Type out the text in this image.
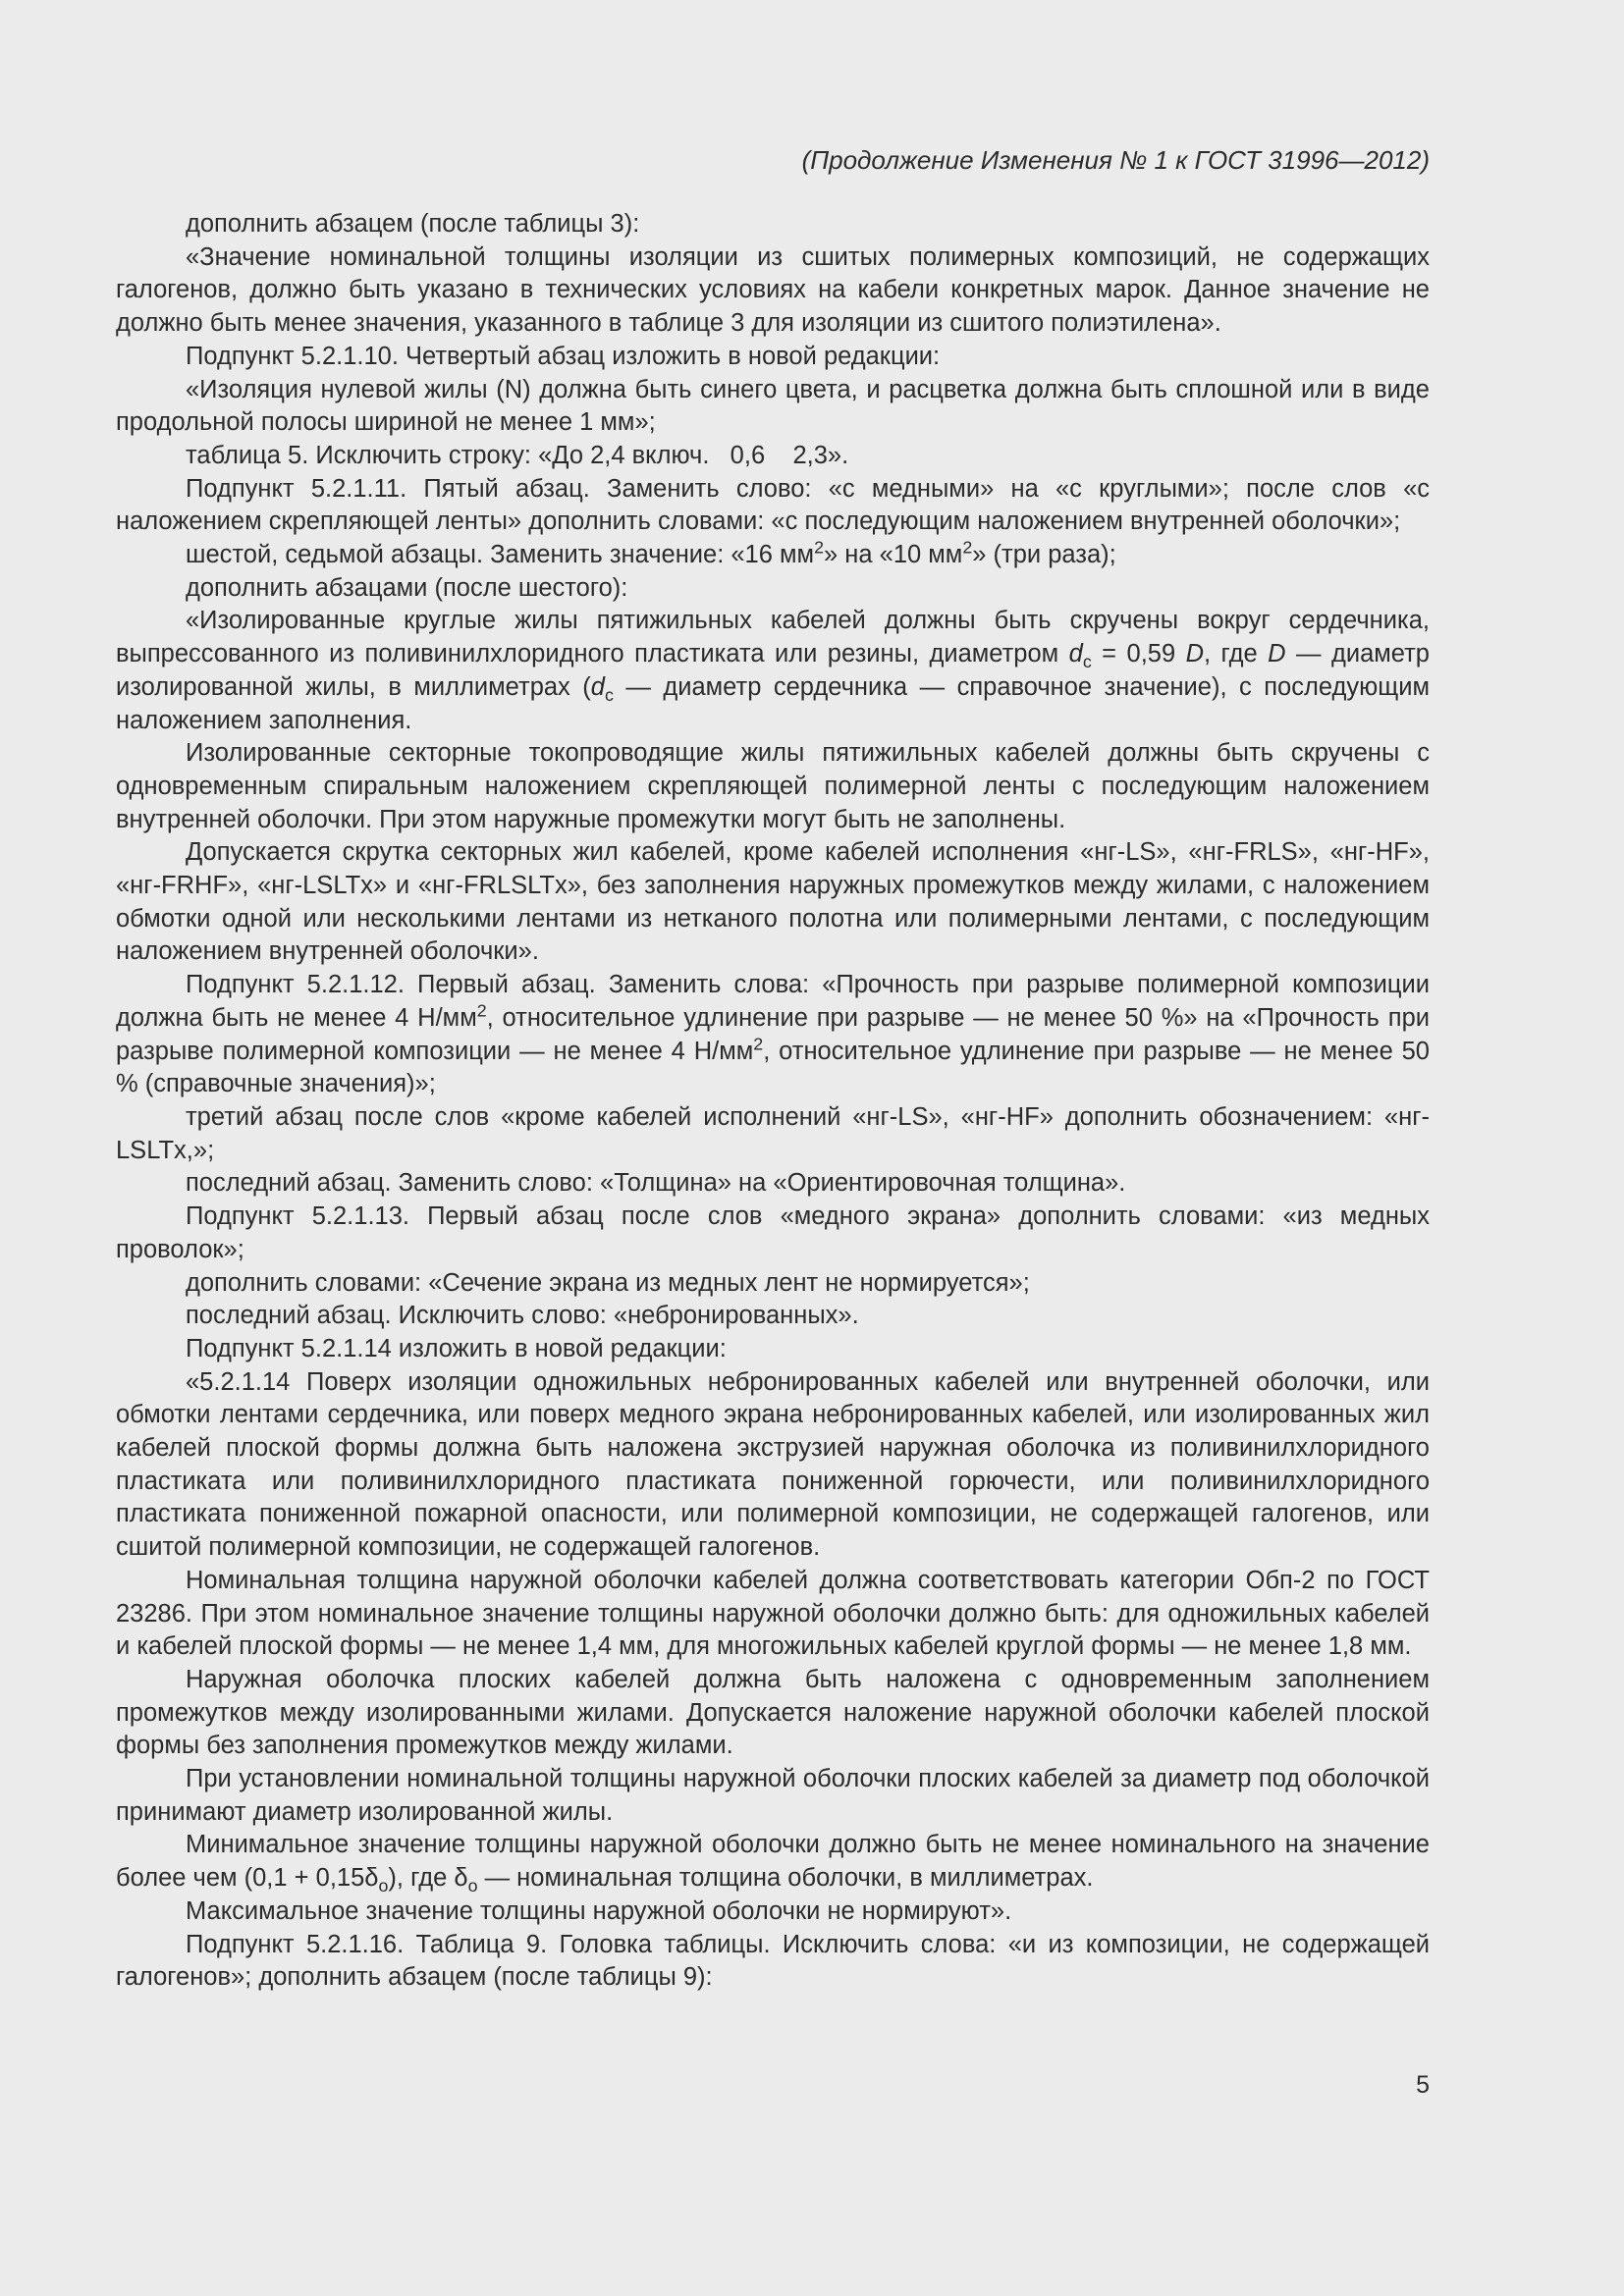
(Продолжение Изменения № 1 к ГОСТ 31996—2012)

дополнить абзацем (после таблицы 3):

«Значение номинальной толщины изоляции из сшитых полимерных композиций, не содержащих галогенов, должно быть указано в технических условиях на кабели конкретных марок. Данное значение не должно быть менее значения, указанного в таблице 3 для изоляции из сшитого полиэтилена».

Подпункт 5.2.1.10. Четвертый абзац изложить в новой редакции:

«Изоляция нулевой жилы (N) должна быть синего цвета, и расцветка должна быть сплошной или в виде продольной полосы шириной не менее 1 мм»;

таблица 5. Исключить строку: «До 2,4 включ.   0,6    2,3».

Подпункт 5.2.1.11. Пятый абзац. Заменить слово: «с медными» на «с круглыми»; после слов «с наложением скрепляющей ленты» дополнить словами: «с последующим наложением внутренней оболочки»;

шестой, седьмой абзацы. Заменить значение: «16 $мм^2$» на «10 $мм^2$» (три раза);

дополнить абзацами (после шестого):

«Изолированные круглые жилы пятижильных кабелей должны быть скручены вокруг сердечника, выпрессованного из поливинилхлоридного пластиката или резины, диаметром $d_с = 0,59$ D, где D — диаметр изолированной жилы, в миллиметрах ($d_с$ — диаметр сердечника — справочное значение), с последующим наложением заполнения.

Изолированные секторные токопроводящие жилы пятижильных кабелей должны быть скручены с одновременным спиральным наложением скрепляющей полимерной ленты с последующим наложением внутренней оболочки. При этом наружные промежутки могут быть не заполнены.

Допускается скрутка секторных жил кабелей, кроме кабелей исполнения «нг-LS», «нг-FRLS», «нг-HF», «нг-FRHF», «нг-LSLTx» и «нг-FRLSLTx», без заполнения наружных промежутков между жилами, с наложением обмотки одной или несколькими лентами из нетканого полотна или полимерными лентами, с последующим наложением внутренней оболочки».

Подпункт 5.2.1.12. Первый абзац. Заменить слова: «Прочность при разрыве полимерной композиции должна быть не менее 4 $Н/мм^2$, относительное удлинение при разрыве — не менее 50 %» на «Прочность при разрыве полимерной композиции — не менее 4 $Н/мм^2$, относительное удлинение при разрыве — не менее 50 % (справочные значения)»;

третий абзац после слов «кроме кабелей исполнений «нг-LS», «нг-HF» дополнить обозначением: «нг-LSLTx,»;

последний абзац. Заменить слово: «Толщина» на «Ориентировочная толщина».

Подпункт 5.2.1.13. Первый абзац после слов «медного экрана» дополнить словами: «из медных проволок»;

дополнить словами: «Сечение экрана из медных лент не нормируется»;

последний абзац. Исключить слово: «небронированных».

Подпункт 5.2.1.14 изложить в новой редакции:

«5.2.1.14 Поверх изоляции одножильных небронированных кабелей или внутренней оболочки, или обмотки лентами сердечника, или поверх медного экрана небронированных кабелей, или изолированных жил кабелей плоской формы должна быть наложена экструзией наружная оболочка из поливинилхлоридного пластиката или поливинилхлоридного пластиката пониженной горючести, или поливинилхлоридного пластиката пониженной пожарной опасности, или полимерной композиции, не содержащей галогенов, или сшитой полимерной композиции, не содержащей галогенов.

Номинальная толщина наружной оболочки кабелей должна соответствовать категории Обп-2 по ГОСТ 23286. При этом номинальное значение толщины наружной оболочки должно быть: для одножильных кабелей и кабелей плоской формы — не менее 1,4 мм, для многожильных кабелей круглой формы — не менее 1,8 мм.

Наружная оболочка плоских кабелей должна быть наложена с одновременным заполнением промежутков между изолированными жилами. Допускается наложение наружной оболочки кабелей плоской формы без заполнения промежутков между жилами.

При установлении номинальной толщины наружной оболочки плоских кабелей за диаметр под оболочкой принимают диаметр изолированной жилы.

Минимальное значение толщины наружной оболочки должно быть не менее номинального на значение более чем $(0,1 + 0,15\delta_о)$, где $\delta_о$ — номинальная толщина оболочки, в миллиметрах.

Максимальное значение толщины наружной оболочки не нормируют».

Подпункт 5.2.1.16. Таблица 9. Головка таблицы. Исключить слова: «и из композиции, не содержащей галогенов»; дополнить абзацем (после таблицы 9):

5
